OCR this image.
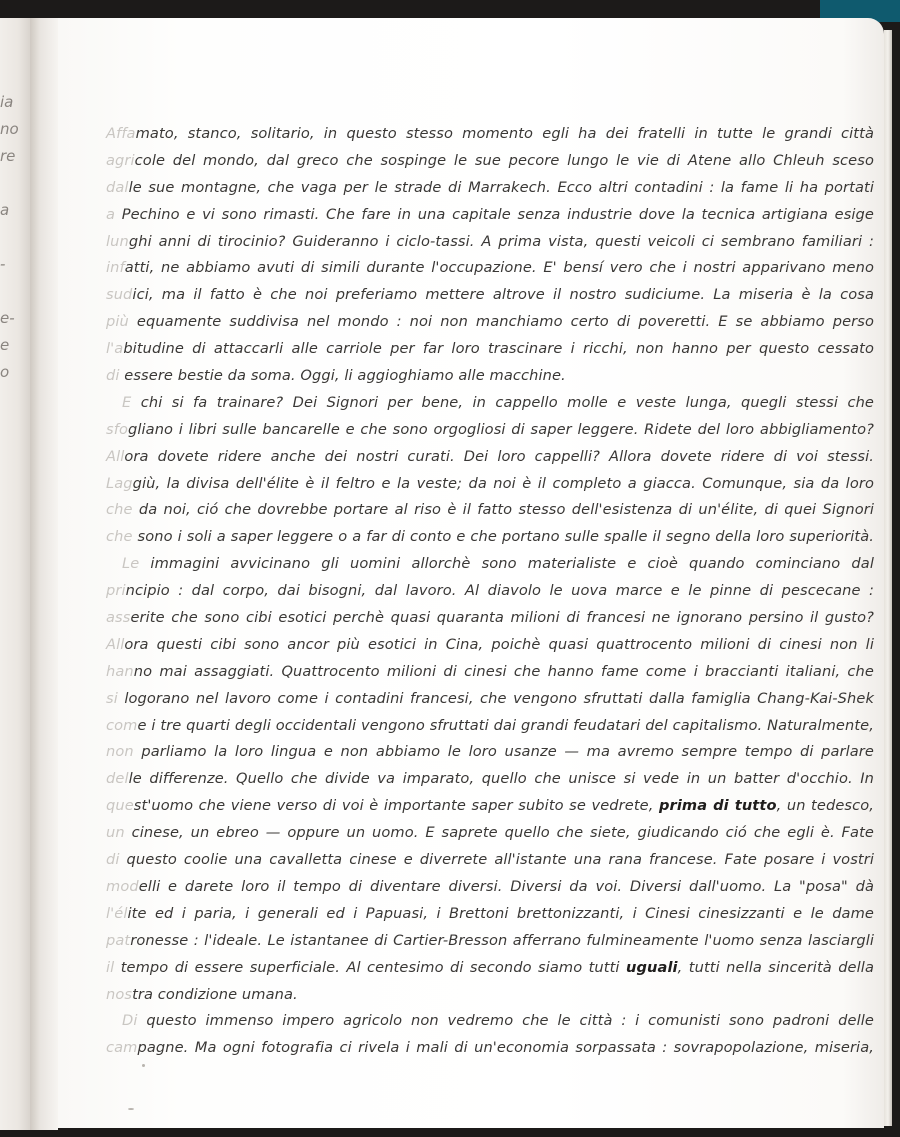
ia
no
re
a
-
e-
e
o
Affamato, stanco, solitario, in questo stesso momento egli ha dei fratelli in tutte le grandi città
agricole del mondo, dal greco che sospinge le sue pecore lungo le vie di Atene allo Chleuh sceso
dalle sue montagne, che vaga per le strade di Marrakech. Ecco altri contadini : la fame li ha portati
a Pechino e vi sono rimasti. Che fare in una capitale senza industrie dove la tecnica artigiana esige
lunghi anni di tirocinio? Guideranno i ciclo-tassi. A prima vista, questi veicoli ci sembrano familiari :
infatti, ne abbiamo avuti di simili durante l'occupazione. E' bensí vero che i nostri apparivano meno
sudici, ma il fatto è che noi preferiamo mettere altrove il nostro sudiciume. La miseria è la cosa
più equamente suddivisa nel mondo : noi non manchiamo certo di poveretti. E se abbiamo perso
l'abitudine di attaccarli alle carriole per far loro trascinare i ricchi, non hanno per questo cessato
di essere bestie da soma. Oggi, li aggioghiamo alle macchine.
E chi si fa trainare? Dei Signori per bene, in cappello molle e veste lunga, quegli stessi che
sfogliano i libri sulle bancarelle e che sono orgogliosi di saper leggere. Ridete del loro abbigliamento?
Allora dovete ridere anche dei nostri curati. Dei loro cappelli? Allora dovete ridere di voi stessi.
Laggiù, la divisa dell'élite è il feltro e la veste; da noi è il completo a giacca. Comunque, sia da loro
che da noi, ció che dovrebbe portare al riso è il fatto stesso dell'esistenza di un'élite, di quei Signori
che sono i soli a saper leggere o a far di conto e che portano sulle spalle il segno della loro superiorità.
Le immagini avvicinano gli uomini allorchè sono materialiste e cioè quando cominciano dal
principio : dal corpo, dai bisogni, dal lavoro. Al diavolo le uova marce e le pinne di pescecane :
asserite che sono cibi esotici perchè quasi quaranta milioni di francesi ne ignorano persino il gusto?
Allora questi cibi sono ancor più esotici in Cina, poichè quasi quattrocento milioni di cinesi non li
hanno mai assaggiati. Quattrocento milioni di cinesi che hanno fame come i braccianti italiani, che
si logorano nel lavoro come i contadini francesi, che vengono sfruttati dalla famiglia Chang-Kai-Shek
come i tre quarti degli occidentali vengono sfruttati dai grandi feudatari del capitalismo. Naturalmente,
non parliamo la loro lingua e non abbiamo le loro usanze — ma avremo sempre tempo di parlare
delle differenze. Quello che divide va imparato, quello che unisce si vede in un batter d'occhio. In
quest'uomo che viene verso di voi è importante saper subito se vedrete, prima di tutto, un tedesco,
un cinese, un ebreo — oppure un uomo. E saprete quello che siete, giudicando ció che egli è. Fate
di questo coolie una cavalletta cinese e diverrete all'istante una rana francese. Fate posare i vostri
modelli e darete loro il tempo di diventare diversi. Diversi da voi. Diversi dall'uomo. La "posa" dà
l'élite ed i paria, i generali ed i Papuasi, i Brettoni brettonizzanti, i Cinesi cinesizzanti e le dame
patronesse : l'ideale. Le istantanee di Cartier-Bresson afferrano fulmineamente l'uomo senza lasciargli
il tempo di essere superficiale. Al centesimo di secondo siamo tutti uguali, tutti nella sincerità della
nostra condizione umana.
Di questo immenso impero agricolo non vedremo che le città : i comunisti sono padroni delle
campagne. Ma ogni fotografia ci rivela i mali di un'economia sorpassata : sovrapopolazione, miseria,
